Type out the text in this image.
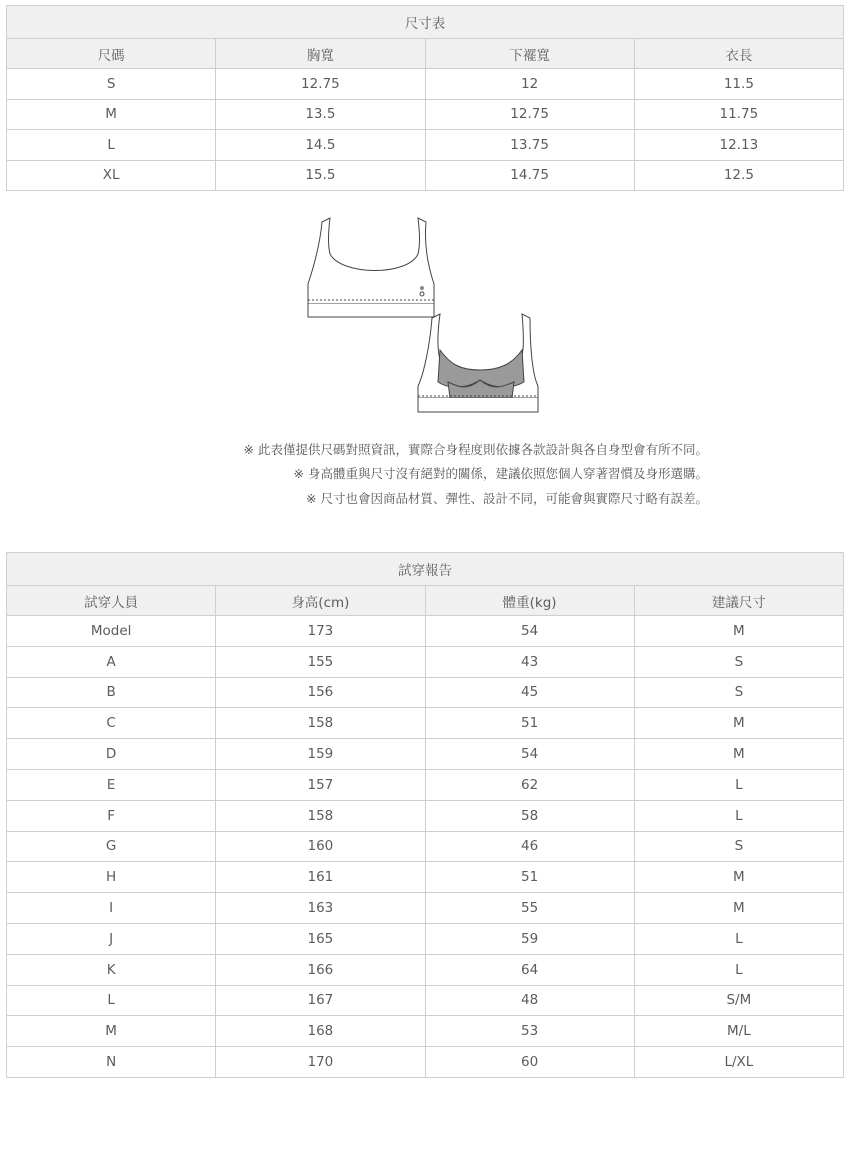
尺寸表			
尺碼	胸寬	下襬寬	衣長
S	12.75	12	11.5
M	13.5	12.75	11.75
L	14.5	13.75	12.13
XL	15.5	14.75	12.5
※ 此表僅提供尺碼對照資訊，實際合身程度則依據各款設計與各自身型會有所不同。
※ 身高體重與尺寸沒有絕對的關係，建議依照您個人穿著習慣及身形選購。
※ 尺寸也會因商品材質、彈性、設計不同，可能會與實際尺寸略有誤差。
試穿報告			
試穿人員	身高(cm)	體重(kg)	建議尺寸
Model	173	54	M
A	155	43	S
B	156	45	S
C	158	51	M
D	159	54	M
E	157	62	L
F	158	58	L
G	160	46	S
H	161	51	M
I	163	55	M
J	165	59	L
K	166	64	L
L	167	48	S/M
M	168	53	M/L
N	170	60	L/XL
